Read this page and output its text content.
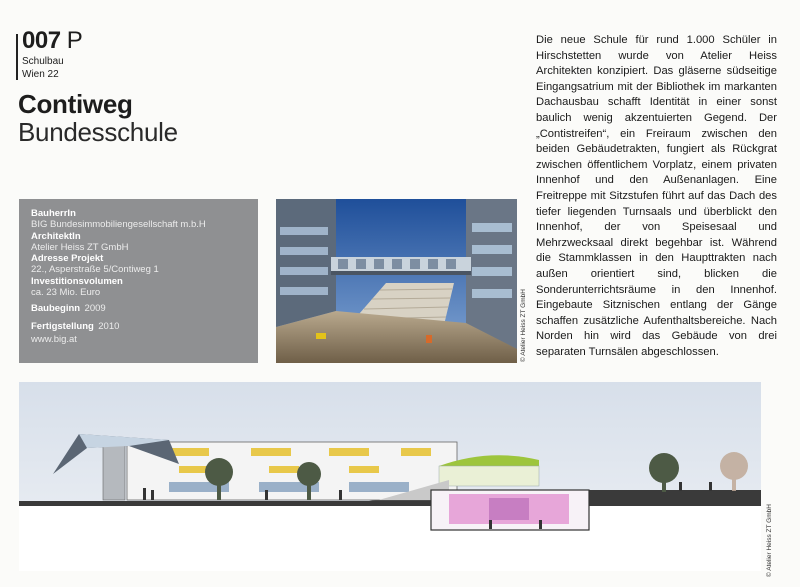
007 P
Schulbau
Wien 22
Contiweg
Bundesschule
BauherrIn
BIG Bundesimmobiliengesellschaft m.b.H
ArchitektIn
Atelier Heiss ZT GmbH
Adresse Projekt
22., Asperstraße 5/Contiweg 1
Investitionsvolumen
ca. 23 Mio. Euro
Baubeginn 2009
Fertigstellung 2010
www.big.at	© Atelier Heiss ZT GmbH
Die neue Schule für rund 1.000 Schüler in Hirschstetten wurde von Atelier Heiss Architekten konzipiert. Das gläserne südseitige Eingangsatrium mit der Bibliothek im markanten Dachausbau schafft Identität in einer sonst baulich wenig akzentuierten Gegend. Der „Contistreifen“, ein Freiraum zwischen den beiden Gebäudetrakten, fungiert als Rückgrat zwischen öffentlichem Vorplatz, einem privaten Innenhof und den Außenanlagen. Eine Freitreppe mit Sitzstufen führt auf das Dach des tiefer liegenden Turnsaals und überblickt den Innenhof, der von Speisesaal und Mehrzwecksaal direkt begehbar ist. Während die Stammklassen in den Haupttrakten nach außen orientiert sind, blicken die Sonderunterrichtsräume in den Innenhof. Eingebaute Sitznischen entlang der Gänge schaffen zusätzliche Aufenthaltsbereiche. Nach Norden hin wird das Gebäude von drei separaten Turnsälen abgeschlossen.
© Atelier Heiss ZT GmbH
